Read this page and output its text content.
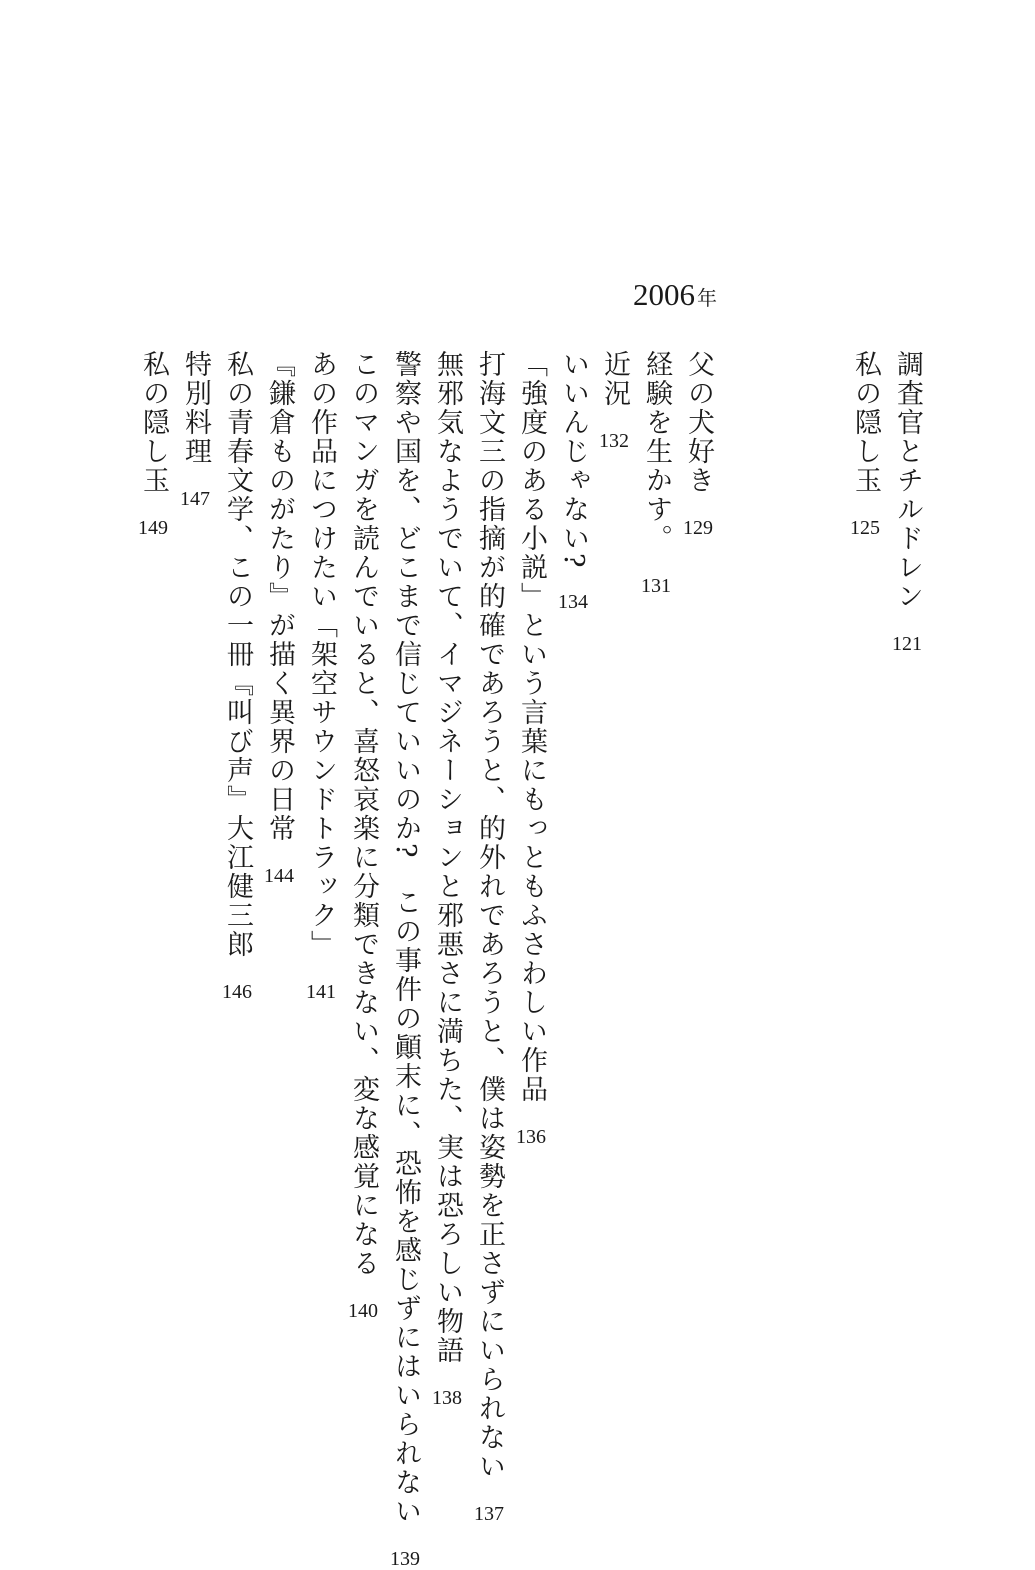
2006 年
調査官とチルドレン121
私の隠し玉125
父の犬好き129
経験を生かす。131
近況132
いいんじゃない?134
「強度のある小説」という言葉にもっともふさわしい作品136
打海文三の指摘が的確であろうと、的外れであろうと、僕は姿勢を正さずにいられない137
無邪気なようでいて、イマジネーションと邪悪さに満ちた、実は恐ろしい物語138
警察や国を、どこまで信じていいのか?　この事件の顚末に、恐怖を感じずにはいられない139
このマンガを読んでいると、喜怒哀楽に分類できない、変な感覚になる140
あの作品につけたい「架空サウンドトラック」141
『鎌倉ものがたり』が描く異界の日常144
私の青春文学、この一冊『叫び声』大江健三郎146
特別料理147
私の隠し玉149
